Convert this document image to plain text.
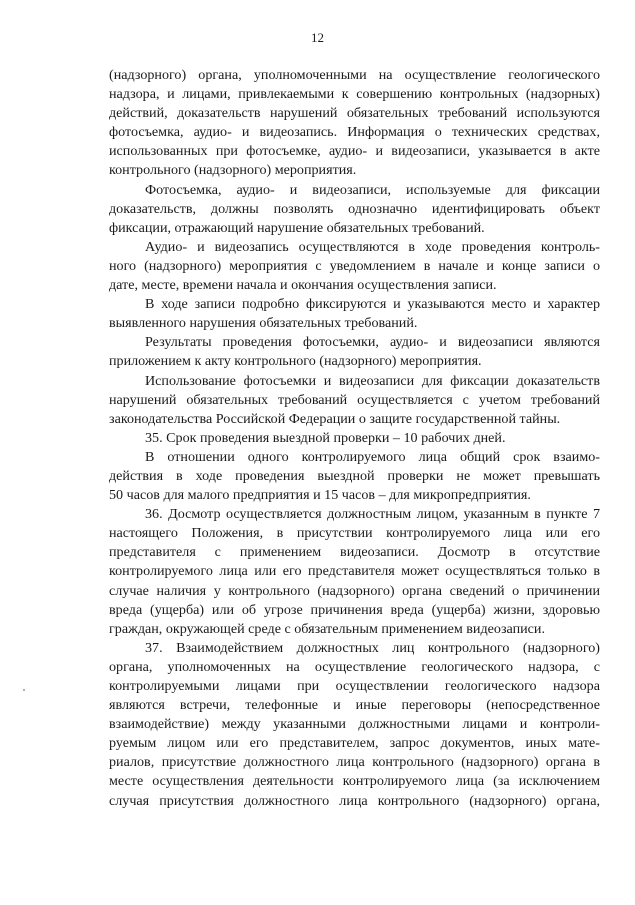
12
(надзорного) органа, уполномоченными на осуществление геологического
надзора, и лицами, привлекаемыми к совершению контрольных (надзорных)
действий, доказательств нарушений обязательных требований используются
фотосъемка, аудио- и видеозапись. Информация о технических средствах,
использованных при фотосъемке, аудио- и видеозаписи, указывается в акте
контрольного (надзорного) мероприятия.
Фотосъемка, аудио- и видеозаписи, используемые для фиксации
доказательств, должны позволять однозначно идентифицировать объект
фиксации, отражающий нарушение обязательных требований.
Аудио- и видеозапись осуществляются в ходе проведения контроль-
ного (надзорного) мероприятия с уведомлением в начале и конце записи о
дате, месте, времени начала и окончания осуществления записи.
В ходе записи подробно фиксируются и указываются место и характер
выявленного нарушения обязательных требований.
Результаты проведения фотосъемки, аудио- и видеозаписи являются
приложением к акту контрольного (надзорного) мероприятия.
Использование фотосъемки и видеозаписи для фиксации доказательств
нарушений обязательных требований осуществляется с учетом требований
законодательства Российской Федерации о защите государственной тайны.
35. Срок проведения выездной проверки – 10 рабочих дней.
В отношении одного контролируемого лица общий срок взаимо-
действия в ходе проведения выездной проверки не может превышать
50 часов для малого предприятия и 15 часов – для микропредприятия.
36. Досмотр осуществляется должностным лицом, указанным в пункте 7
настоящего Положения, в присутствии контролируемого лица или его
представителя с применением видеозаписи. Досмотр в отсутствие
контролируемого лица или его представителя может осуществляться только в
случае наличия у контрольного (надзорного) органа сведений о причинении
вреда (ущерба) или об угрозе причинения вреда (ущерба) жизни, здоровью
граждан, окружающей среде с обязательным применением видеозаписи.
37. Взаимодействием должностных лиц контрольного (надзорного)
органа, уполномоченных на осуществление геологического надзора, с
контролируемыми лицами при осуществлении геологического надзора
являются встречи, телефонные и иные переговоры (непосредственное
взаимодействие) между указанными должностными лицами и контроли-
руемым лицом или его представителем, запрос документов, иных мате-
риалов, присутствие должностного лица контрольного (надзорного) органа в
месте осуществления деятельности контролируемого лица (за исключением
случая присутствия должностного лица контрольного (надзорного) органа,
